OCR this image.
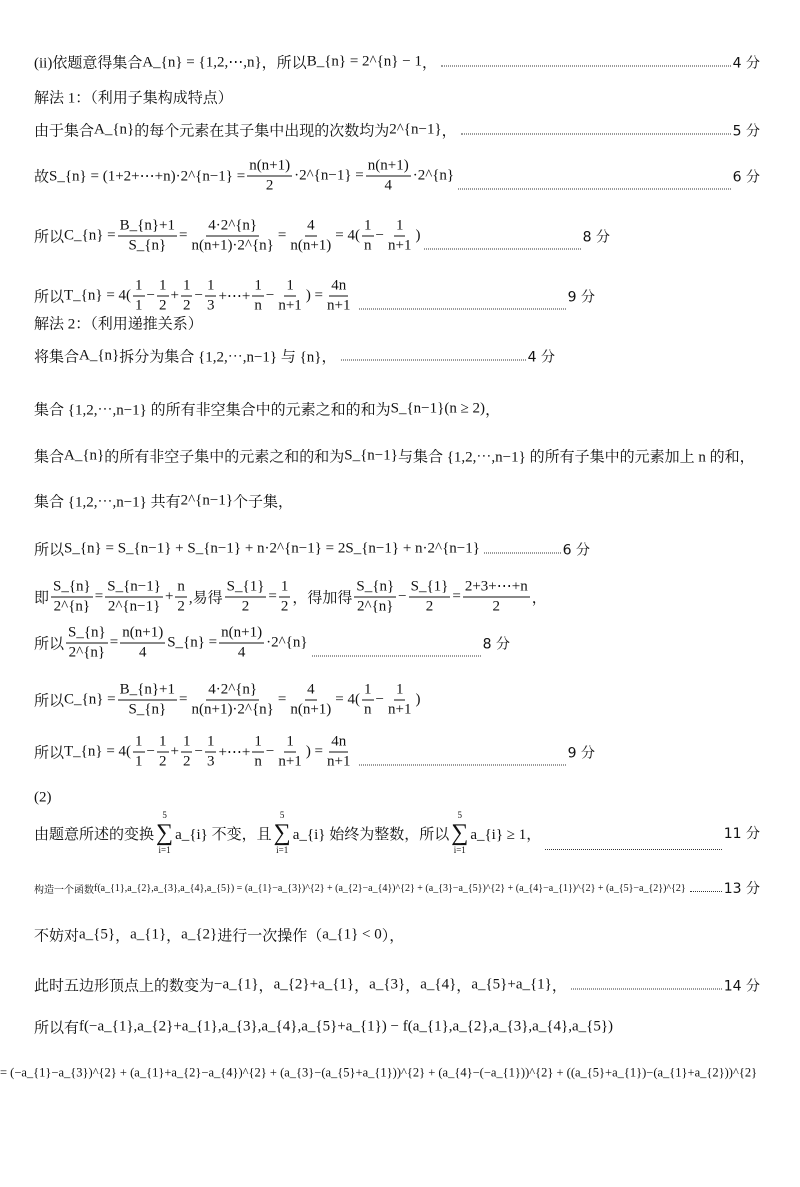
(ii)依题意得集合 A_{n} = {1,2,⋯,n} ，所以 B_{n} = 2^{n} − 1 ，	4 分
解法 1：（利用子集构成特点）
由于集合 A_{n} 的每个元素在其子集中出现的次数均为 2^{n−1} ，	5 分
故 S_{n} = (1+2+⋯+n)·2^{n−1} = $\frac{n(n+1)}{2}$ ·2^{n−1} = $\frac{n(n+1)}{4}$ ·2^{n}	6 分
所以 C_{n} = $\frac{B\_\{n\}+1}{S\_\{n\}} = \frac{4\cdot 2\^{}\{n\}}{n(n+1)\cdot 2\^{}\{n\}} = \frac{4}{n(n+1)} = 4( \frac{1}{n} - \frac{1}{n+1}$ )	8 分
所以 T_{n} = $4( \frac{1}{1} - \frac{1}{2} + \frac{1}{2} - \frac{1}{3}$ +⋯+ $\frac{1}{n} - \frac{1}{n+1}$ ) = $\frac{4n}{n+1}$	9 分
解法 2：（利用递推关系）
将集合 A_{n} 拆分为集合 {1,2,⋯,n−1} 与 {n}，	4 分
集合 {1,2,⋯,n−1} 的所有非空集合中的元素之和的和为 S_{n−1}(n ≥ 2) ，
集合 A_{n} 的所有非空子集中的元素之和的和为 S_{n−1} 与集合 {1,2,⋯,n−1} 的所有子集中的元素加上 n 的和，
集合 {1,2,⋯,n−1} 共有 2^{n−1} 个子集，
所以 S_{n} = S_{n−1} + S_{n−1} + n·2^{n−1} = 2S_{n−1} + n·2^{n−1}	6 分
即 $\frac{S\_\{n\}}{2\^{}\{n\}} = \frac{S\_\{n-1\}}{2\^{}\{n-1\}} + \frac{n}{2}$ ,易得 $\frac{S\_\{1\}}{2} = \frac{1}{2}$ ，得加得 $\frac{S\_\{n\}}{2\^{}\{n\}} - \frac{S\_\{1\}}{2} = \frac{2+3+\cdots+n}{2}$ ，
所以 $\frac{S\_\{n\}}{2\^{}\{n\}} = \frac{n(n+1)}{4}$ S_{n} = $\frac{n(n+1)}{4}$ ·2^{n}	8 分
所以 C_{n} = $\frac{B\_\{n\}+1}{S\_\{n\}} = \frac{4\cdot 2\^{}\{n\}}{n(n+1)\cdot 2\^{}\{n\}} = \frac{4}{n(n+1)} = 4( \frac{1}{n} - \frac{1}{n+1}$ )
所以 T_{n} = $4( \frac{1}{1} - \frac{1}{2} + \frac{1}{2} - \frac{1}{3}$ +⋯+ $\frac{1}{n} - \frac{1}{n+1}$ ) = $\frac{4n}{n+1}$	9 分
(2)
由题意所述的变换
5
∑
i=1
a_{i} 不变，且
5
∑
i=1
a_{i} 始终为整数，所以
5
∑
i=1
a_{i} ≥ 1，	11 分
构造一个函数 f(a_{1},a_{2},a_{3},a_{4},a_{5}) = (a_{1}−a_{3})^{2} + (a_{2}−a_{4})^{2} + (a_{3}−a_{5})^{2} + (a_{4}−a_{1})^{2} + (a_{5}−a_{2})^{2}	13 分
不妨对 a_{5} ， a_{1} ， a_{2} 进行一次操作（ a_{1} < 0 ），
此时五边形顶点上的数变为 −a_{1} ， a_{2}+a_{1} ， a_{3} ， a_{4} ， a_{5}+a_{1} ，	14 分
所以有 f(−a_{1},a_{2}+a_{1},a_{3},a_{4},a_{5}+a_{1}) − f(a_{1},a_{2},a_{3},a_{4},a_{5})
= (−a_{1}−a_{3})^{2} + (a_{1}+a_{2}−a_{4})^{2} + (a_{3}−(a_{5}+a_{1}))^{2} + (a_{4}−(−a_{1}))^{2} + ((a_{5}+a_{1})−(a_{1}+a_{2}))^{2}
